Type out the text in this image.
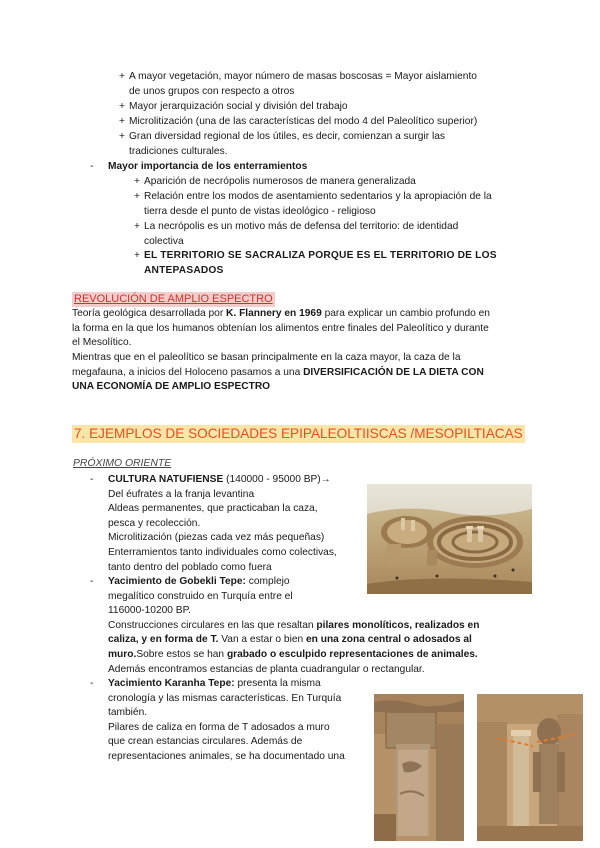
+ A mayor vegetación, mayor número de masas boscosas = Mayor aislamiento
de unos grupos con respecto a otros
+ Mayor jerarquización social y división del trabajo
+ Microlitización (una de las características del modo 4 del Paleolítico superior)
+ Gran diversidad regional de los útiles, es decir, comienzan a surgir las
tradiciones culturales.
- Mayor importancia de los enterramientos
+ Aparición de necrópolis numerosos de manera generalizada
+ Relación entre los modos de asentamiento sedentarios y la apropiación de la
tierra desde el punto de vistas ideológico - religioso
+ La necrópolis es un motivo más de defensa del territorio: de identidad
colectiva
+ EL TERRITORIO SE SACRALIZA PORQUE ES EL TERRITORIO DE LOS
ANTEPASADOS
REVOLUCIÓN DE AMPLIO ESPECTRO
Teoría geológica desarrollada por K. Flannery en 1969 para explicar un cambio profundo en
la forma en la que los humanos obtenían los alimentos entre finales del Paleolítico y durante
el Mesolítico.
Mientras que en el paleolítico se basan principalmente en la caza mayor, la caza de la
megafauna, a inicios del Holoceno pasamos a una DIVERSIFICACIÓN DE LA DIETA CON
UNA ECONOMÍA DE AMPLIO ESPECTRO
7. EJEMPLOS DE SOCIEDADES EPIPALEOLTIISCAS /MESOPILTIACAS
PRÓXIMO ORIENTE
- CULTURA NATUFIENSE (140000 - 95000 BP)→
Del éufrates a la franja levantina
Aldeas permanentes, que practicaban la caza,
pesca y recolección.
Microlitización (piezas cada vez más pequeñas)
Enterramientos tanto individuales como colectivas,
tanto dentro del poblado como fuera
- Yacimiento de Gobekli Tepe: complejo
megalítico construido en Turquía entre el
116000-10200 BP.
Construcciones circulares en las que resaltan pilares monolíticos, realizados en
caliza, y en forma de T. Van a estar o bien en una zona central o adosados al
muro.Sobre estos se han grabado o esculpido representaciones de animales.
Además encontramos estancias de planta cuadrangular o rectangular.
- Yacimiento Karanha Tepe: presenta la misma
cronología y las mismas características. En Turquía
también.
Pilares de caliza en forma de T adosados a muro
que crean estancias circulares. Además de
representaciones animales, se ha documentado una
